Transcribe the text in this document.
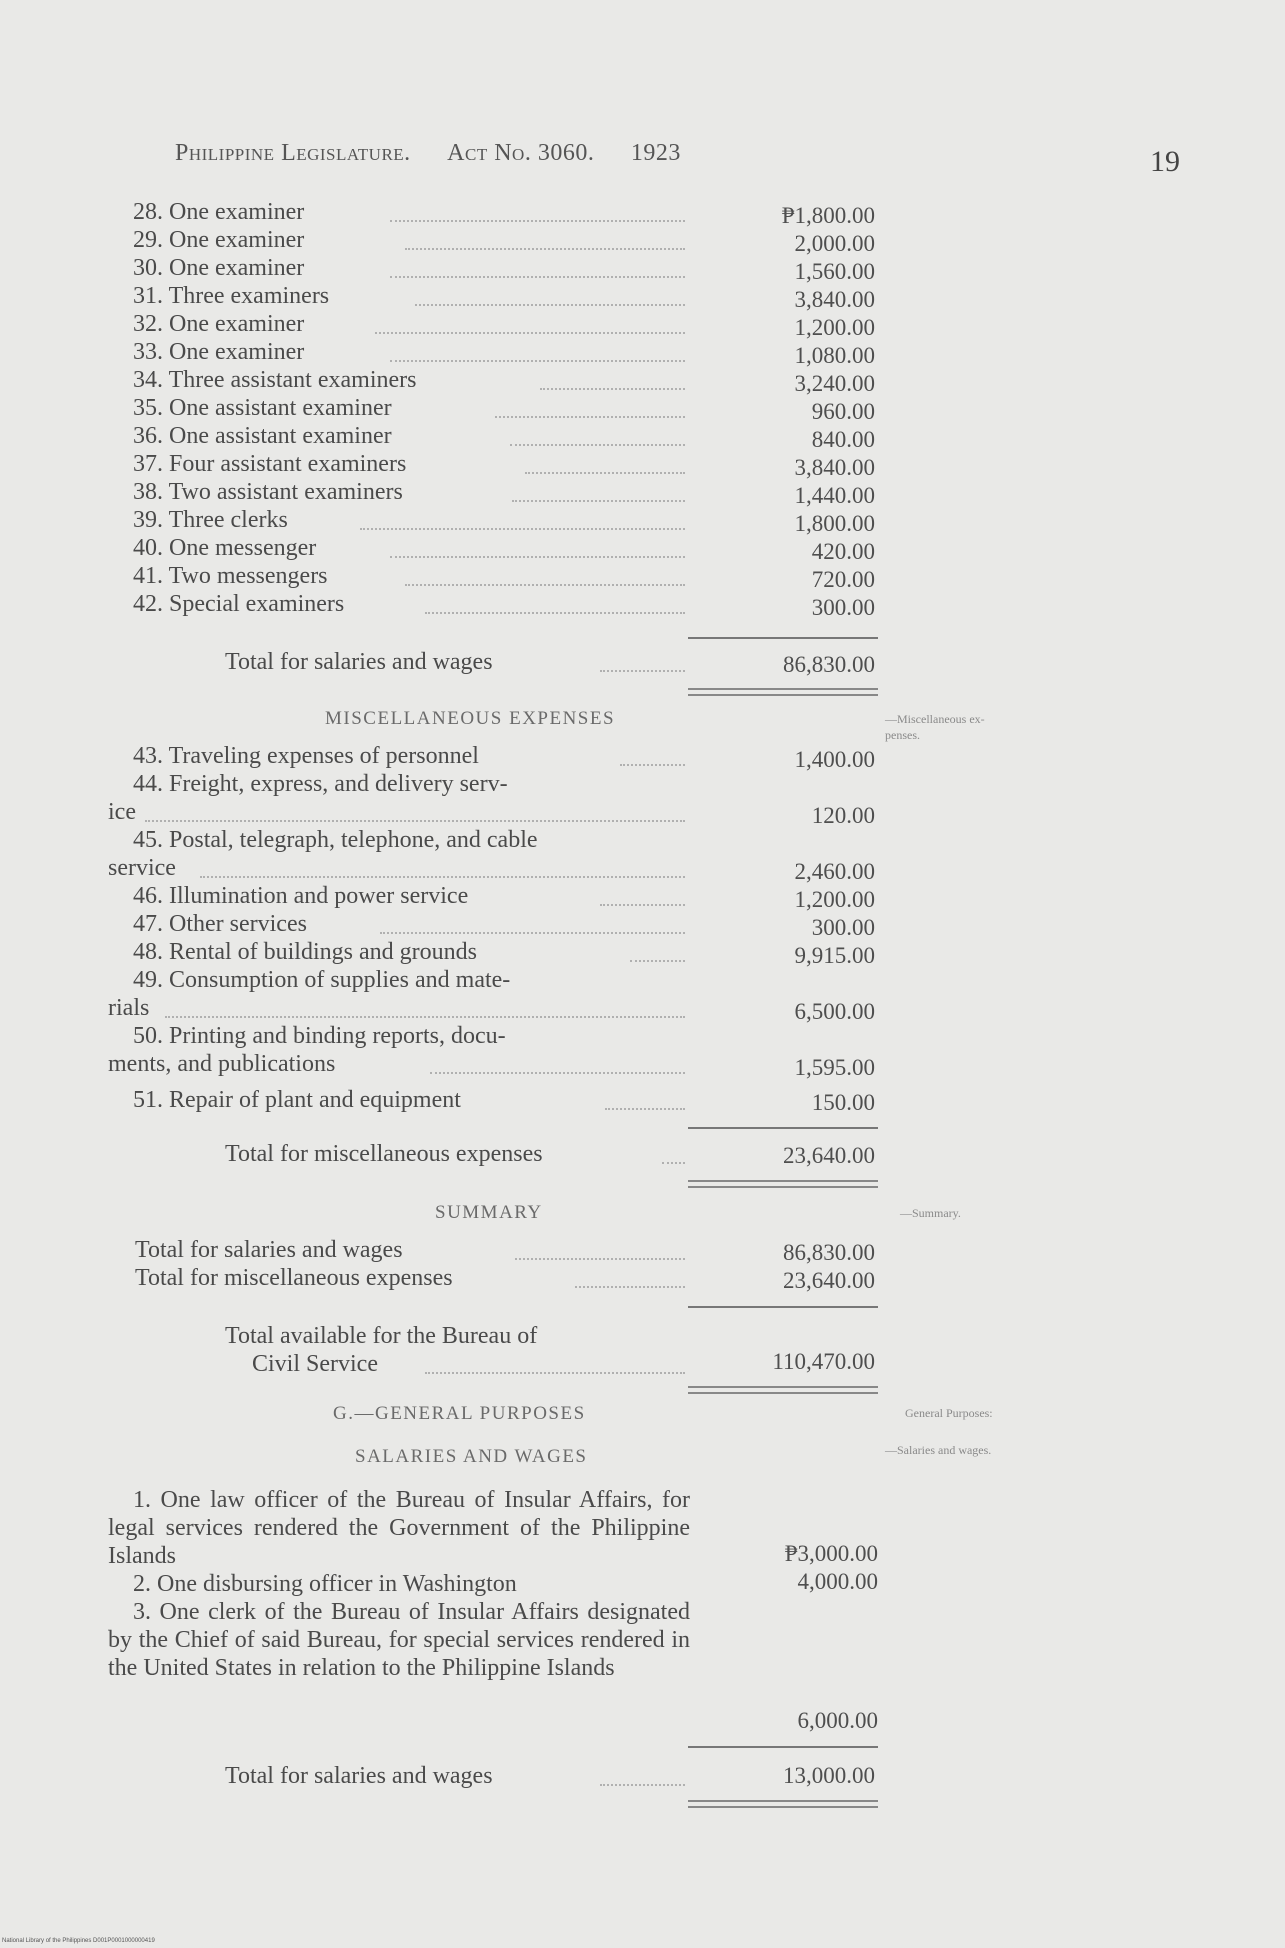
Philippine Legislature. Act No. 3060. 1923	19
28. One examiner	₱1,800.00
29. One examiner	2,000.00
30. One examiner	1,560.00
31. Three examiners	3,840.00
32. One examiner	1,200.00
33. One examiner	1,080.00
34. Three assistant examiners	3,240.00
35. One assistant examiner	960.00
36. One assistant examiner	840.00
37. Four assistant examiners	3,840.00
38. Two assistant examiners	1,440.00
39. Three clerks	1,800.00
40. One messenger	420.00
41. Two messengers	720.00
42. Special examiners	300.00
Total for salaries and wages	86,830.00
MISCELLANEOUS EXPENSES	—Miscellaneous ex-
penses.
43. Traveling expenses of personnel	1,400.00
44. Freight, express, and delivery serv-
ice	120.00
45. Postal, telegraph, telephone, and cable
service	2,460.00
46. Illumination and power service	1,200.00
47. Other services	300.00
48. Rental of buildings and grounds	9,915.00
49. Consumption of supplies and mate-
rials	6,500.00
50. Printing and binding reports, docu-
ments, and publications	1,595.00
51. Repair of plant and equipment	150.00
Total for miscellaneous expenses	23,640.00
SUMMARY	—Summary.
Total for salaries and wages	86,830.00
Total for miscellaneous expenses	23,640.00
Total available for the Bureau of
Civil Service	110,470.00
G.—GENERAL PURPOSES	General Purposes:
SALARIES AND WAGES	—Salaries and wages.
1. One law officer of the Bureau of Insular Affairs, for legal services rendered the Government of the Philippine Islands	₱3,000.00
2. One disbursing officer in Washington	4,000.00
3. One clerk of the Bureau of Insular Affairs designated by the Chief of said Bureau, for special services rendered in the United States in relation to the Philippine Islands
6,000.00
Total for salaries and wages	13,000.00
National Library of the Philippines D001P0001000000419
